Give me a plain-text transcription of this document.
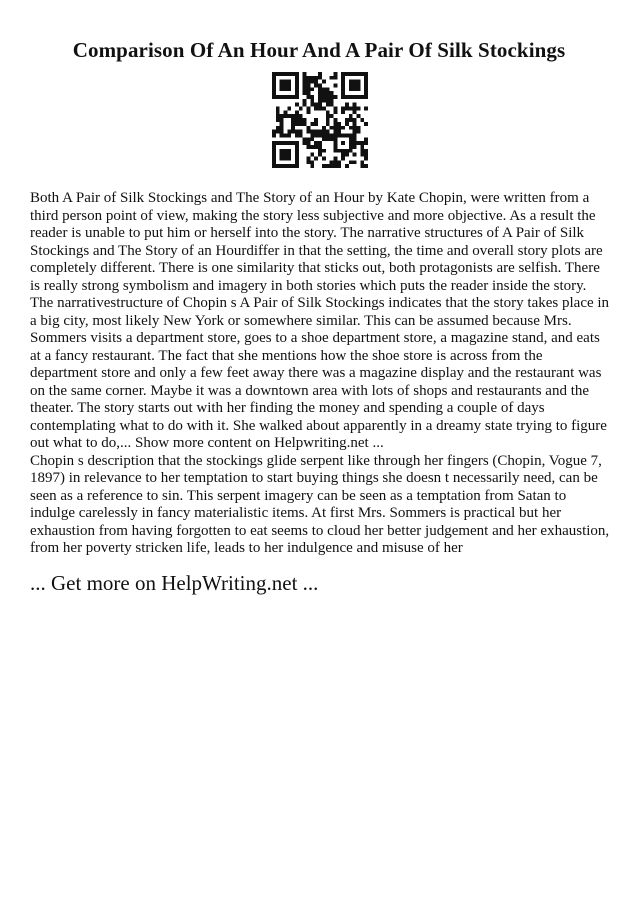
Comparison Of An Hour And A Pair Of Silk Stockings

Both A Pair of Silk Stockings and The Story of an Hour by Kate Chopin, were written from a third person point of view, making the story less subjective and more objective. As a result the reader is unable to put him or herself into the story. The narrative structures of A Pair of Silk Stockings and The Story of an Hourdiffer in that the setting, the time and overall story plots are completely different. There is one similarity that sticks out, both protagonists are selfish. There is really strong symbolism and imagery in both stories which puts the reader inside the story. The narrativestructure of Chopin s A Pair of Silk Stockings indicates that the story takes place in a big city, most likely New York or somewhere similar. This can be assumed because Mrs. Sommers visits a department store, goes to a shoe department store, a magazine stand, and eats at a fancy restaurant. The fact that she mentions how the shoe store is across from the department store and only a few feet away there was a magazine display and the restaurant was on the same corner. Maybe it was a downtown area with lots of shops and restaurants and the theater. The story starts out with her finding the money and spending a couple of days contemplating what to do with it. She walked about apparently in a dreamy state trying to figure out what to do,... Show more content on Helpwriting.net ...

Chopin s description that the stockings glide serpent like through her fingers (Chopin, Vogue 7, 1897) in relevance to her temptation to start buying things she doesn t necessarily need, can be seen as a reference to sin. This serpent imagery can be seen as a temptation from Satan to indulge carelessly in fancy materialistic items. At first Mrs. Sommers is practical but her exhaustion from having forgotten to eat seems to cloud her better judgement and her exhaustion, from her poverty stricken life, leads to her indulgence and misuse of her

... Get more on HelpWriting.net ...
